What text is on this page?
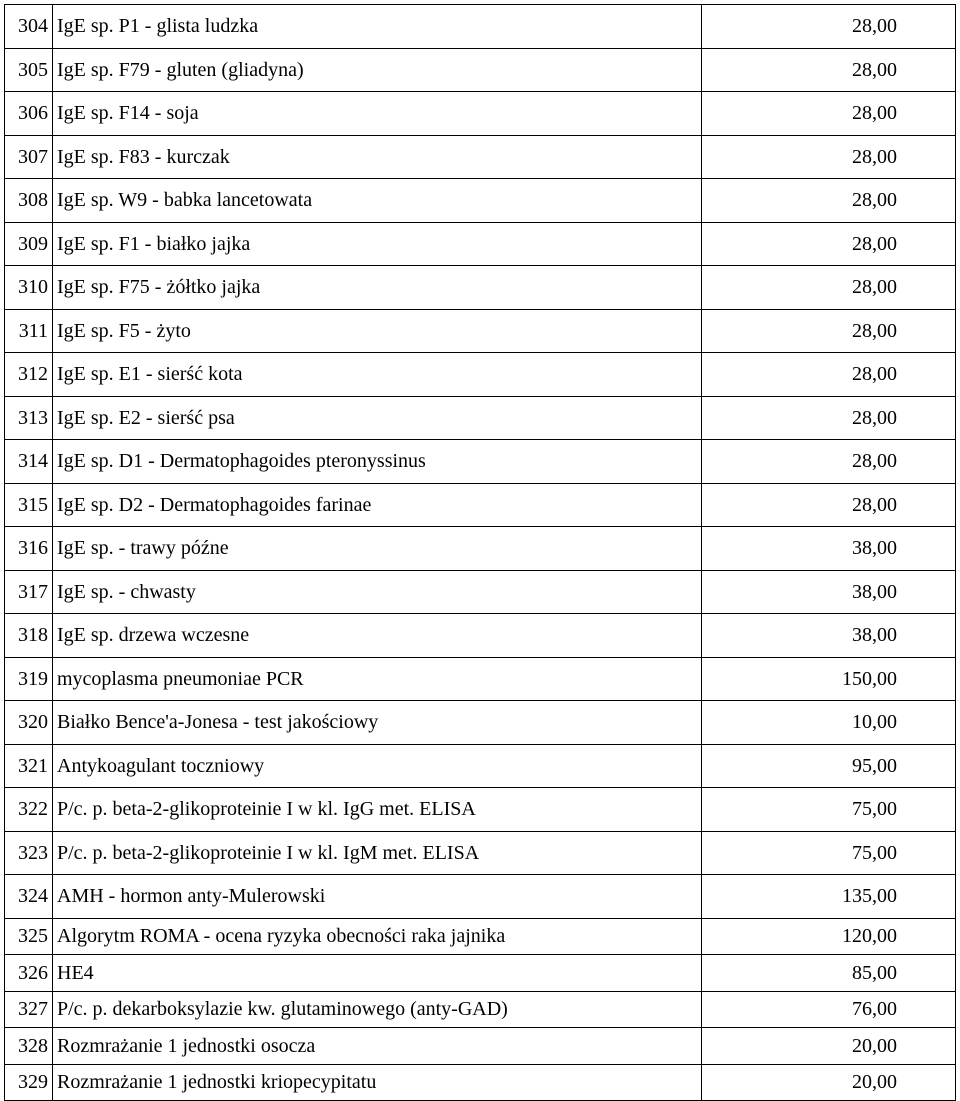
304	IgE sp. P1 - glista ludzka	28,00
305	IgE sp. F79 - gluten (gliadyna)	28,00
306	IgE sp. F14 - soja	28,00
307	IgE sp. F83 - kurczak	28,00
308	IgE sp. W9 - babka lancetowata	28,00
309	IgE sp. F1 - białko jajka	28,00
310	IgE sp. F75 - żółtko jajka	28,00
311	IgE sp. F5 - żyto	28,00
312	IgE sp. E1 - sierść kota	28,00
313	IgE sp. E2 - sierść psa	28,00
314	IgE sp. D1 - Dermatophagoides pteronyssinus	28,00
315	IgE sp. D2 - Dermatophagoides farinae	28,00
316	IgE sp. - trawy późne	38,00
317	IgE sp. - chwasty	38,00
318	IgE sp. drzewa wczesne	38,00
319	mycoplasma pneumoniae PCR	150,00
320	Białko Bence'a-Jonesa - test jakościowy	10,00
321	Antykoagulant toczniowy	95,00
322	P/c. p. beta-2-glikoproteinie I w kl. IgG met. ELISA	75,00
323	P/c. p. beta-2-glikoproteinie I w kl. IgM met. ELISA	75,00
324	AMH - hormon anty-Mulerowski	135,00
325	Algorytm ROMA - ocena ryzyka obecności raka jajnika	120,00
326	HE4	85,00
327	P/c. p. dekarboksylazie kw. glutaminowego (anty-GAD)	76,00
328	Rozmrażanie 1 jednostki osocza	20,00
329	Rozmrażanie 1 jednostki kriopecypitatu	20,00
